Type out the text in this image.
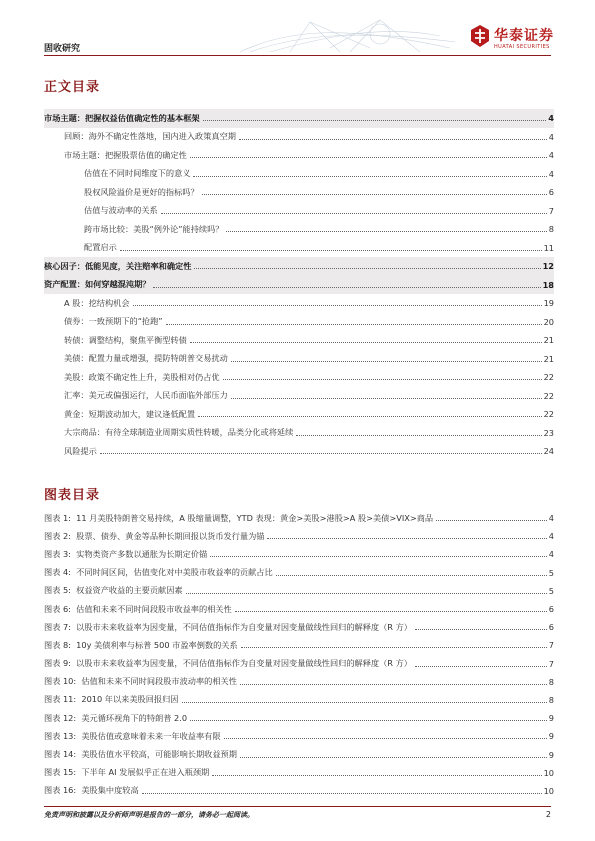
固收研究
华泰证券
HUATAI SECURITIES
正文目录
市场主题：把握权益估值确定性的基本框架	4
回顾：海外不确定性落地，国内进入政策真空期	4
市场主题：把握股票估值的确定性	4
估值在不同时间维度下的意义	4
股权风险溢价是更好的指标吗？	6
估值与波动率的关系	7
跨市场比较：美股“例外论”能持续吗？	8
配置启示	11
核心因子：低能见度，关注赔率和确定性	12
资产配置：如何穿越混沌期？	18
A 股：挖结构机会	19
债券：一致预期下的“抢跑”	20
转债：调整结构，聚焦平衡型转债	21
美债：配置力量或增强，提防特朗普交易扰动	21
美股：政策不确定性上升，美股相对仍占优	22
汇率：美元或偏强运行，人民币面临外部压力	22
黄金：短期波动加大，建议逢低配置	22
大宗商品：有待全球制造业周期实质性转暖，品类分化或将延续	23
风险提示	24
图表目录
图表 1:  11 月美股特朗普交易持续，A 股缩量调整，YTD 表现：黄金>美股>港股>A 股>美债>VIX>商品	4
图表 2:  股票、债券、黄金等品种长期回报以货币发行量为锚	4
图表 3:  实物类资产多数以通胀为长期定价锚	4
图表 4:  不同时间区间，估值变化对中美股市收益率的贡献占比	5
图表 5:  权益资产收益的主要贡献因素	5
图表 6:  估值和未来不同时间段股市收益率的相关性	6
图表 7:  以股市未来收益率为因变量，不同估值指标作为自变量对因变量做线性回归的解释度（R 方）	6
图表 8:  10y 美债利率与标普 500 市盈率倒数的关系	7
图表 9:  以股市未来收益率为因变量，不同估值指标作为自变量对因变量做线性回归的解释度（R 方）	7
图表 10:  估值和未来不同时间段股市波动率的相关性	8
图表 11:  2010 年以来美股回报归因	8
图表 12:  美元循环视角下的特朗普 2.0	9
图表 13:  美股估值或意味着未来一年收益率有限	9
图表 14:  美股估值水平较高，可能影响长期收益预期	9
图表 15:  下半年 AI 发展似乎正在进入瓶颈期	10
图表 16:  美股集中度较高	10
免责声明和披露以及分析师声明是报告的一部分，请务必一起阅读。	2
